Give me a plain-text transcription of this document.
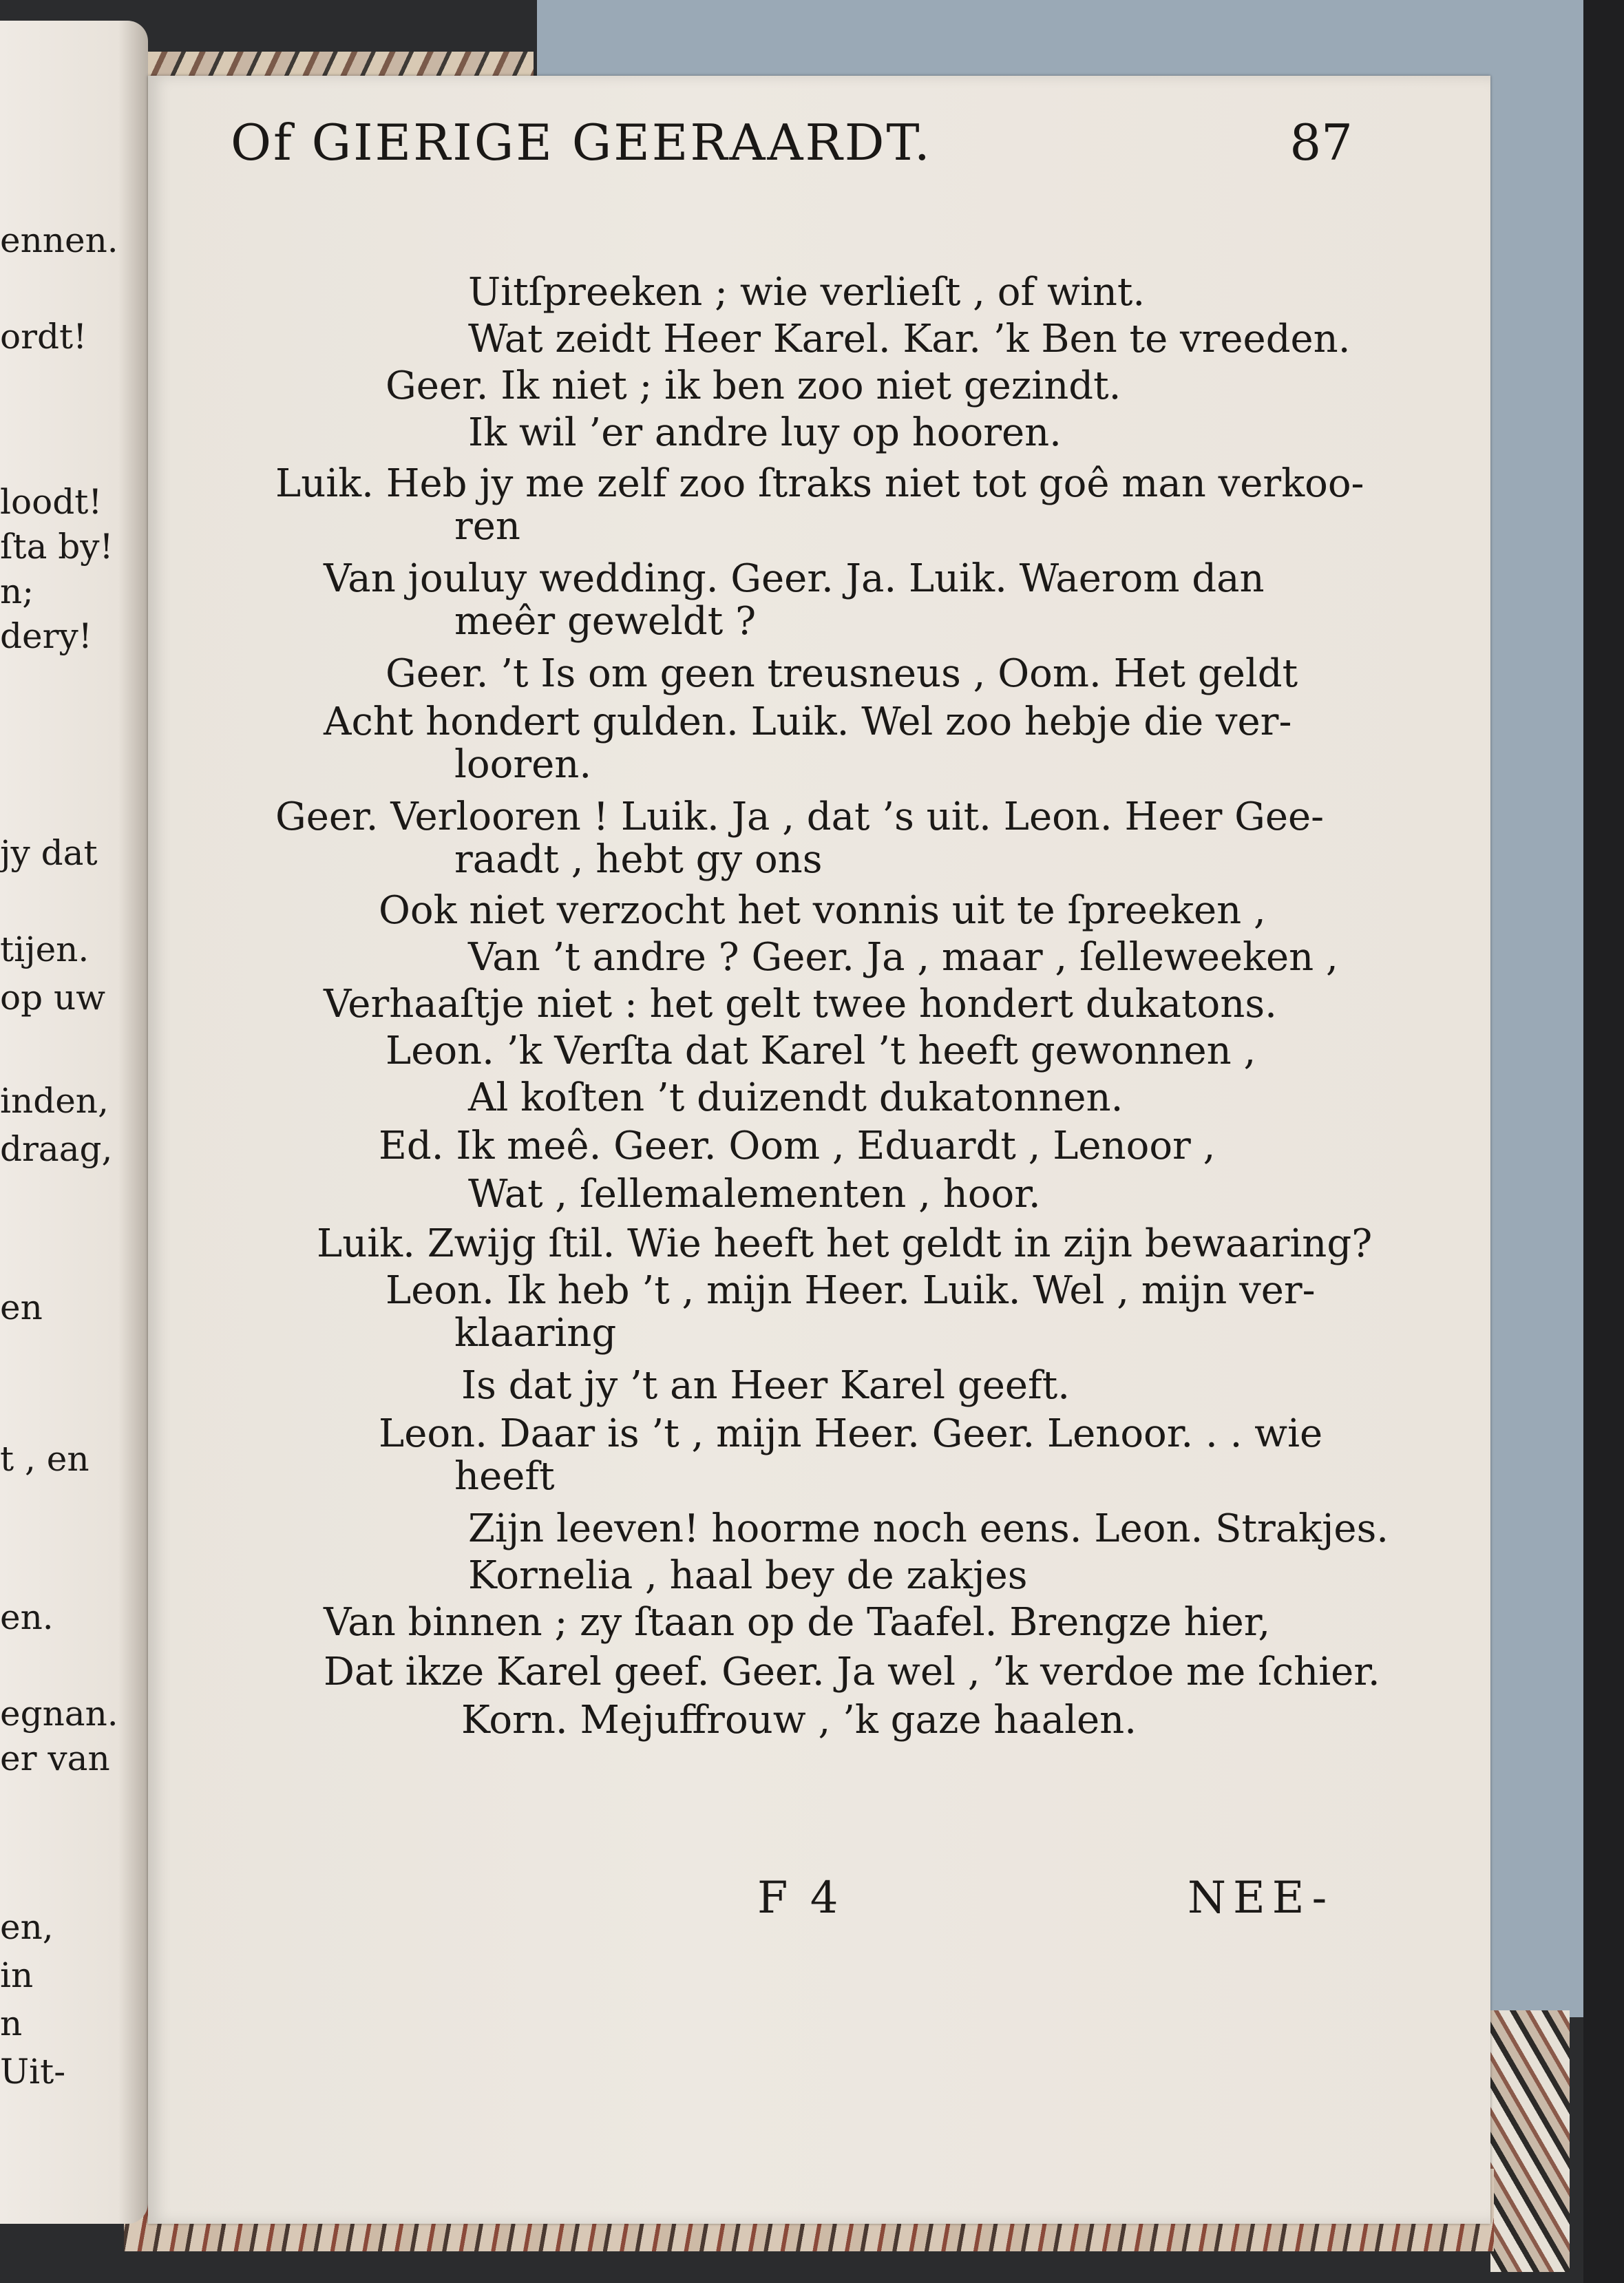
ennen.
ordt!
loodt!
ſta by!
n;
dery!
jy dat
tijen.
op uw
inden,
draag,
en
t , en
en.
egnan.
er van
en,
in
n
Uit-
Of GIERIGE GEERAARDT.	87
Uitſpreeken ; wie verlieſt , of wint.
Wat zeidt Heer Karel. Kar. ’k Ben te vreeden.
Geer. Ik niet ; ik ben zoo niet gezindt.
Ik wil ’er andre luy op hooren.
Luik. Heb jy me zelf zoo ſtraks niet tot goê man verkoo-
ren
Van jouluy wedding. Geer. Ja. Luik. Waerom dan
meêr geweldt ?
Geer. ’t Is om geen treusneus , Oom. Het geldt
Acht hondert gulden. Luik. Wel zoo hebje die ver-
looren.
Geer. Verlooren ! Luik. Ja , dat ’s uit. Leon. Heer Gee-
raadt , hebt gy ons
Ook niet verzocht het vonnis uit te ſpreeken ,
Van ’t andre ? Geer. Ja , maar , ſelleweeken ,
Verhaaſtje niet : het gelt twee hondert dukatons.
Leon. ’k Verſta dat Karel ’t heeft gewonnen ,
Al koſten ’t duizendt dukatonnen.
Ed. Ik meê. Geer. Oom , Eduardt , Lenoor ,
Wat , ſellemalementen , hoor.
Luik. Zwijg ſtil. Wie heeft het geldt in zijn bewaaring?
Leon. Ik heb ’t , mijn Heer. Luik. Wel , mijn ver-
klaaring
Is dat jy ’t an Heer Karel geeft.
Leon. Daar is ’t , mijn Heer. Geer. Lenoor. . . wie
heeft
Zijn leeven! hoorme noch eens. Leon. Strakjes.
Kornelia , haal bey de zakjes
Van binnen ; zy ſtaan op de Taafel. Brengze hier,
Dat ikze Karel geef. Geer. Ja wel , ’k verdoe me ſchier.
Korn. Mejuffrouw , ’k gaze haalen.
F 4	NEE-
